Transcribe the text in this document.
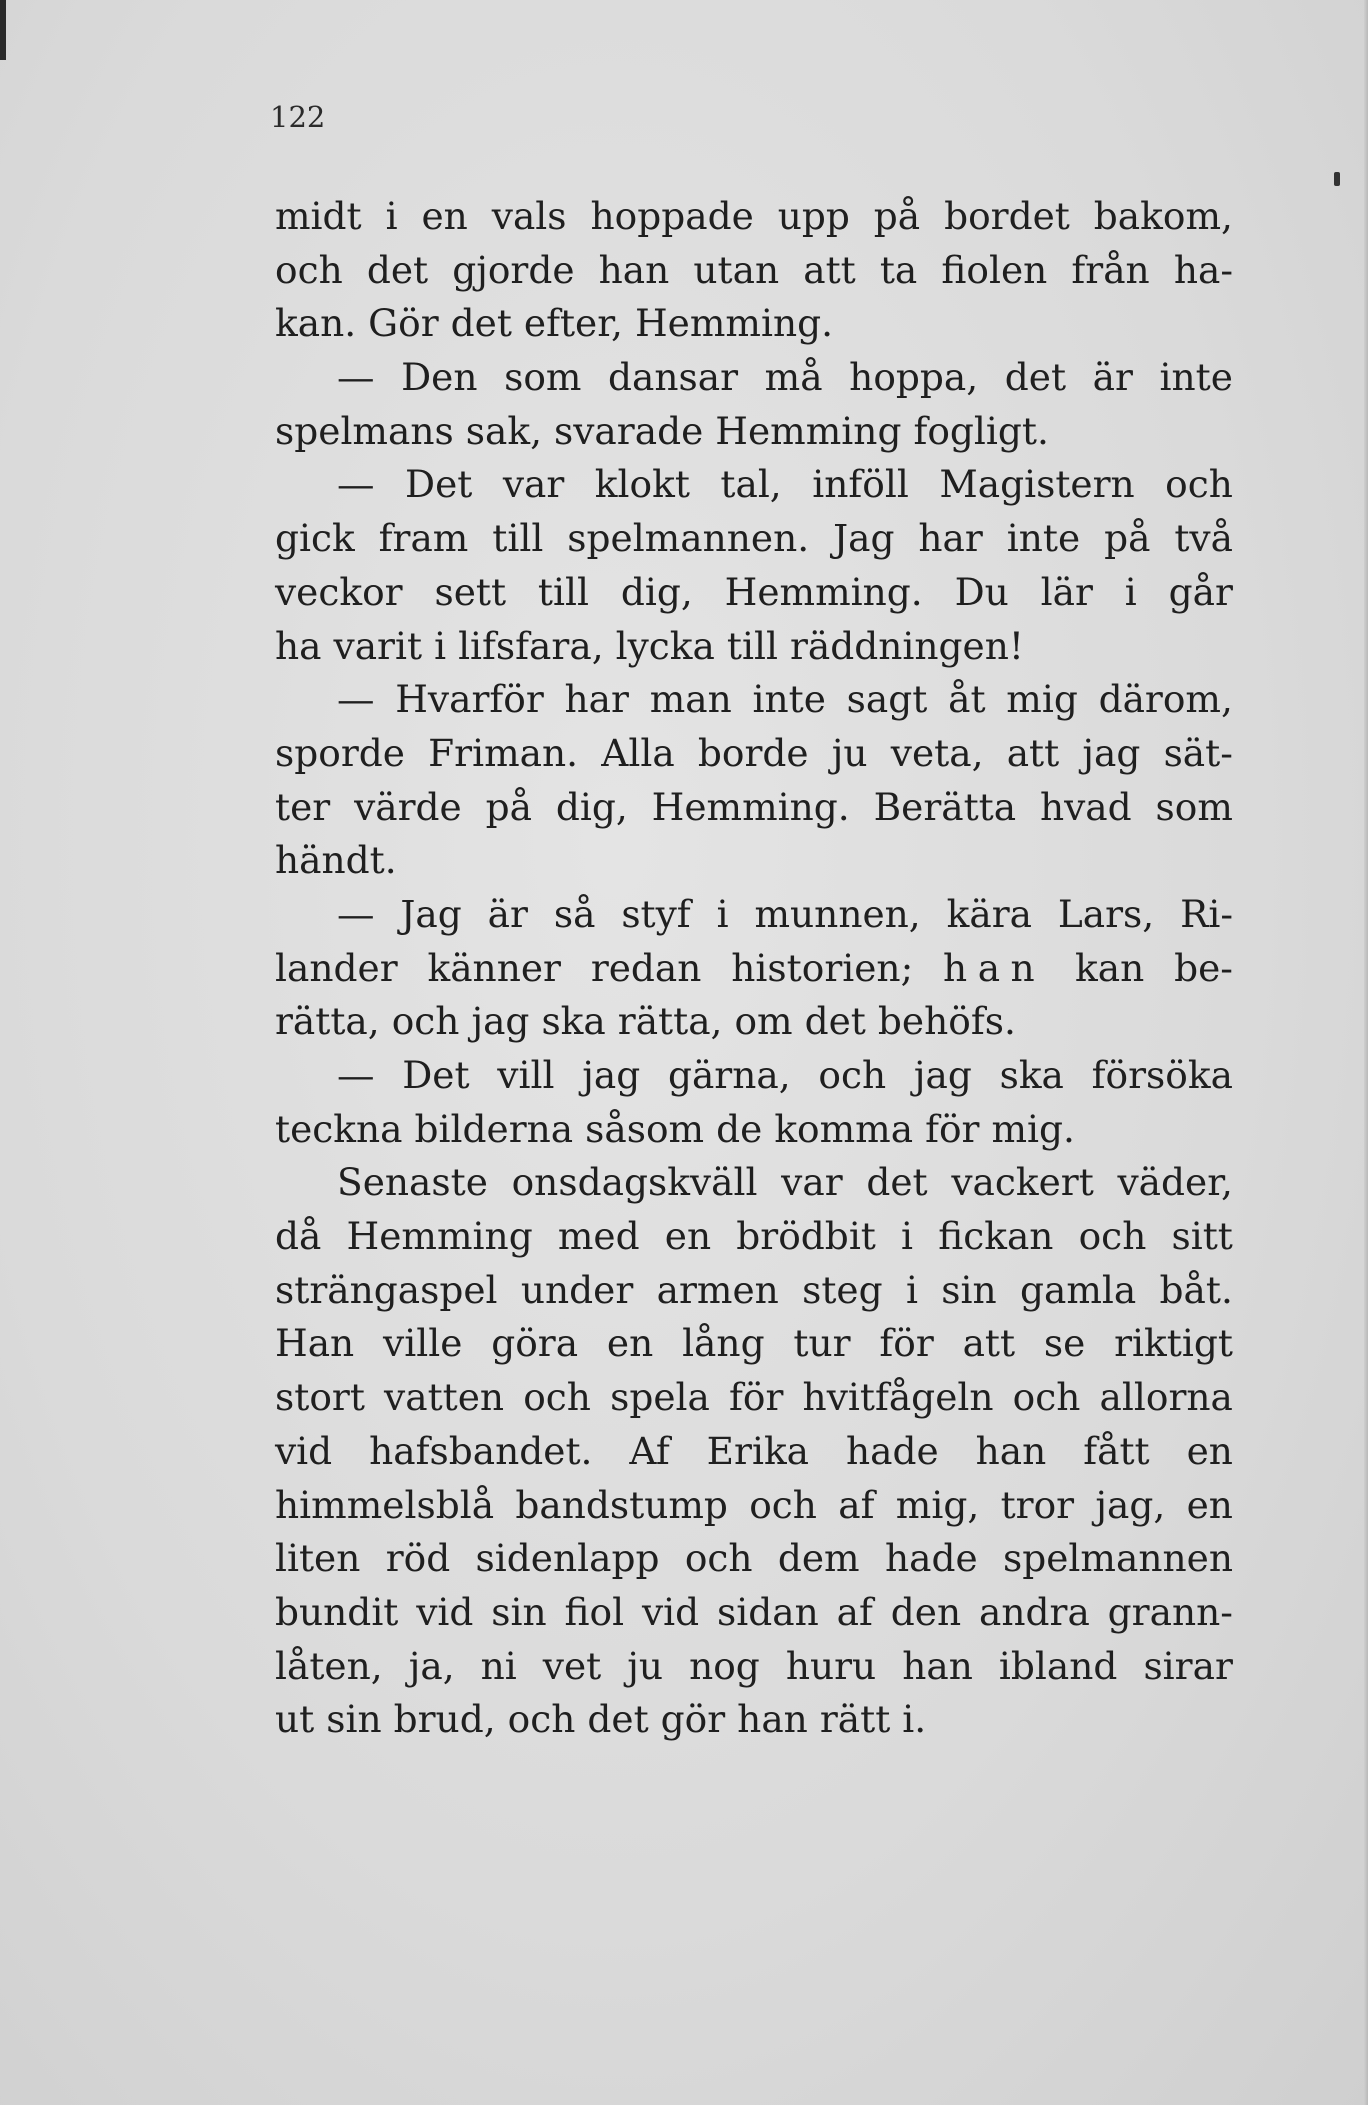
122

midt i en vals hoppade upp på bordet bakom,
och det gjorde han utan att ta fiolen från ha-
kan. Gör det efter, Hemming.
— Den som dansar må hoppa, det är inte
spelmans sak, svarade Hemming fogligt.
— Det var klokt tal, inföll Magistern och
gick fram till spelmannen. Jag har inte på två
veckor sett till dig, Hemming. Du lär i går
ha varit i lifsfara, lycka till räddningen!
— Hvarför har man inte sagt åt mig därom,
sporde Friman. Alla borde ju veta, att jag sät-
ter värde på dig, Hemming. Berätta hvad som
händt.
— Jag är så styf i munnen, kära Lars, Ri-
lander känner redan historien; han kan be-
rätta, och jag ska rätta, om det behöfs.
— Det vill jag gärna, och jag ska försöka
teckna bilderna såsom de komma för mig.
Senaste onsdagskväll var det vackert väder,
då Hemming med en brödbit i fickan och sitt
strängaspel under armen steg i sin gamla båt.
Han ville göra en lång tur för att se riktigt
stort vatten och spela för hvitfågeln och allorna
vid hafsbandet. Af Erika hade han fått en
himmelsblå bandstump och af mig, tror jag, en
liten röd sidenlapp och dem hade spelmannen
bundit vid sin fiol vid sidan af den andra grann-
låten, ja, ni vet ju nog huru han ibland sirar
ut sin brud, och det gör han rätt i.
